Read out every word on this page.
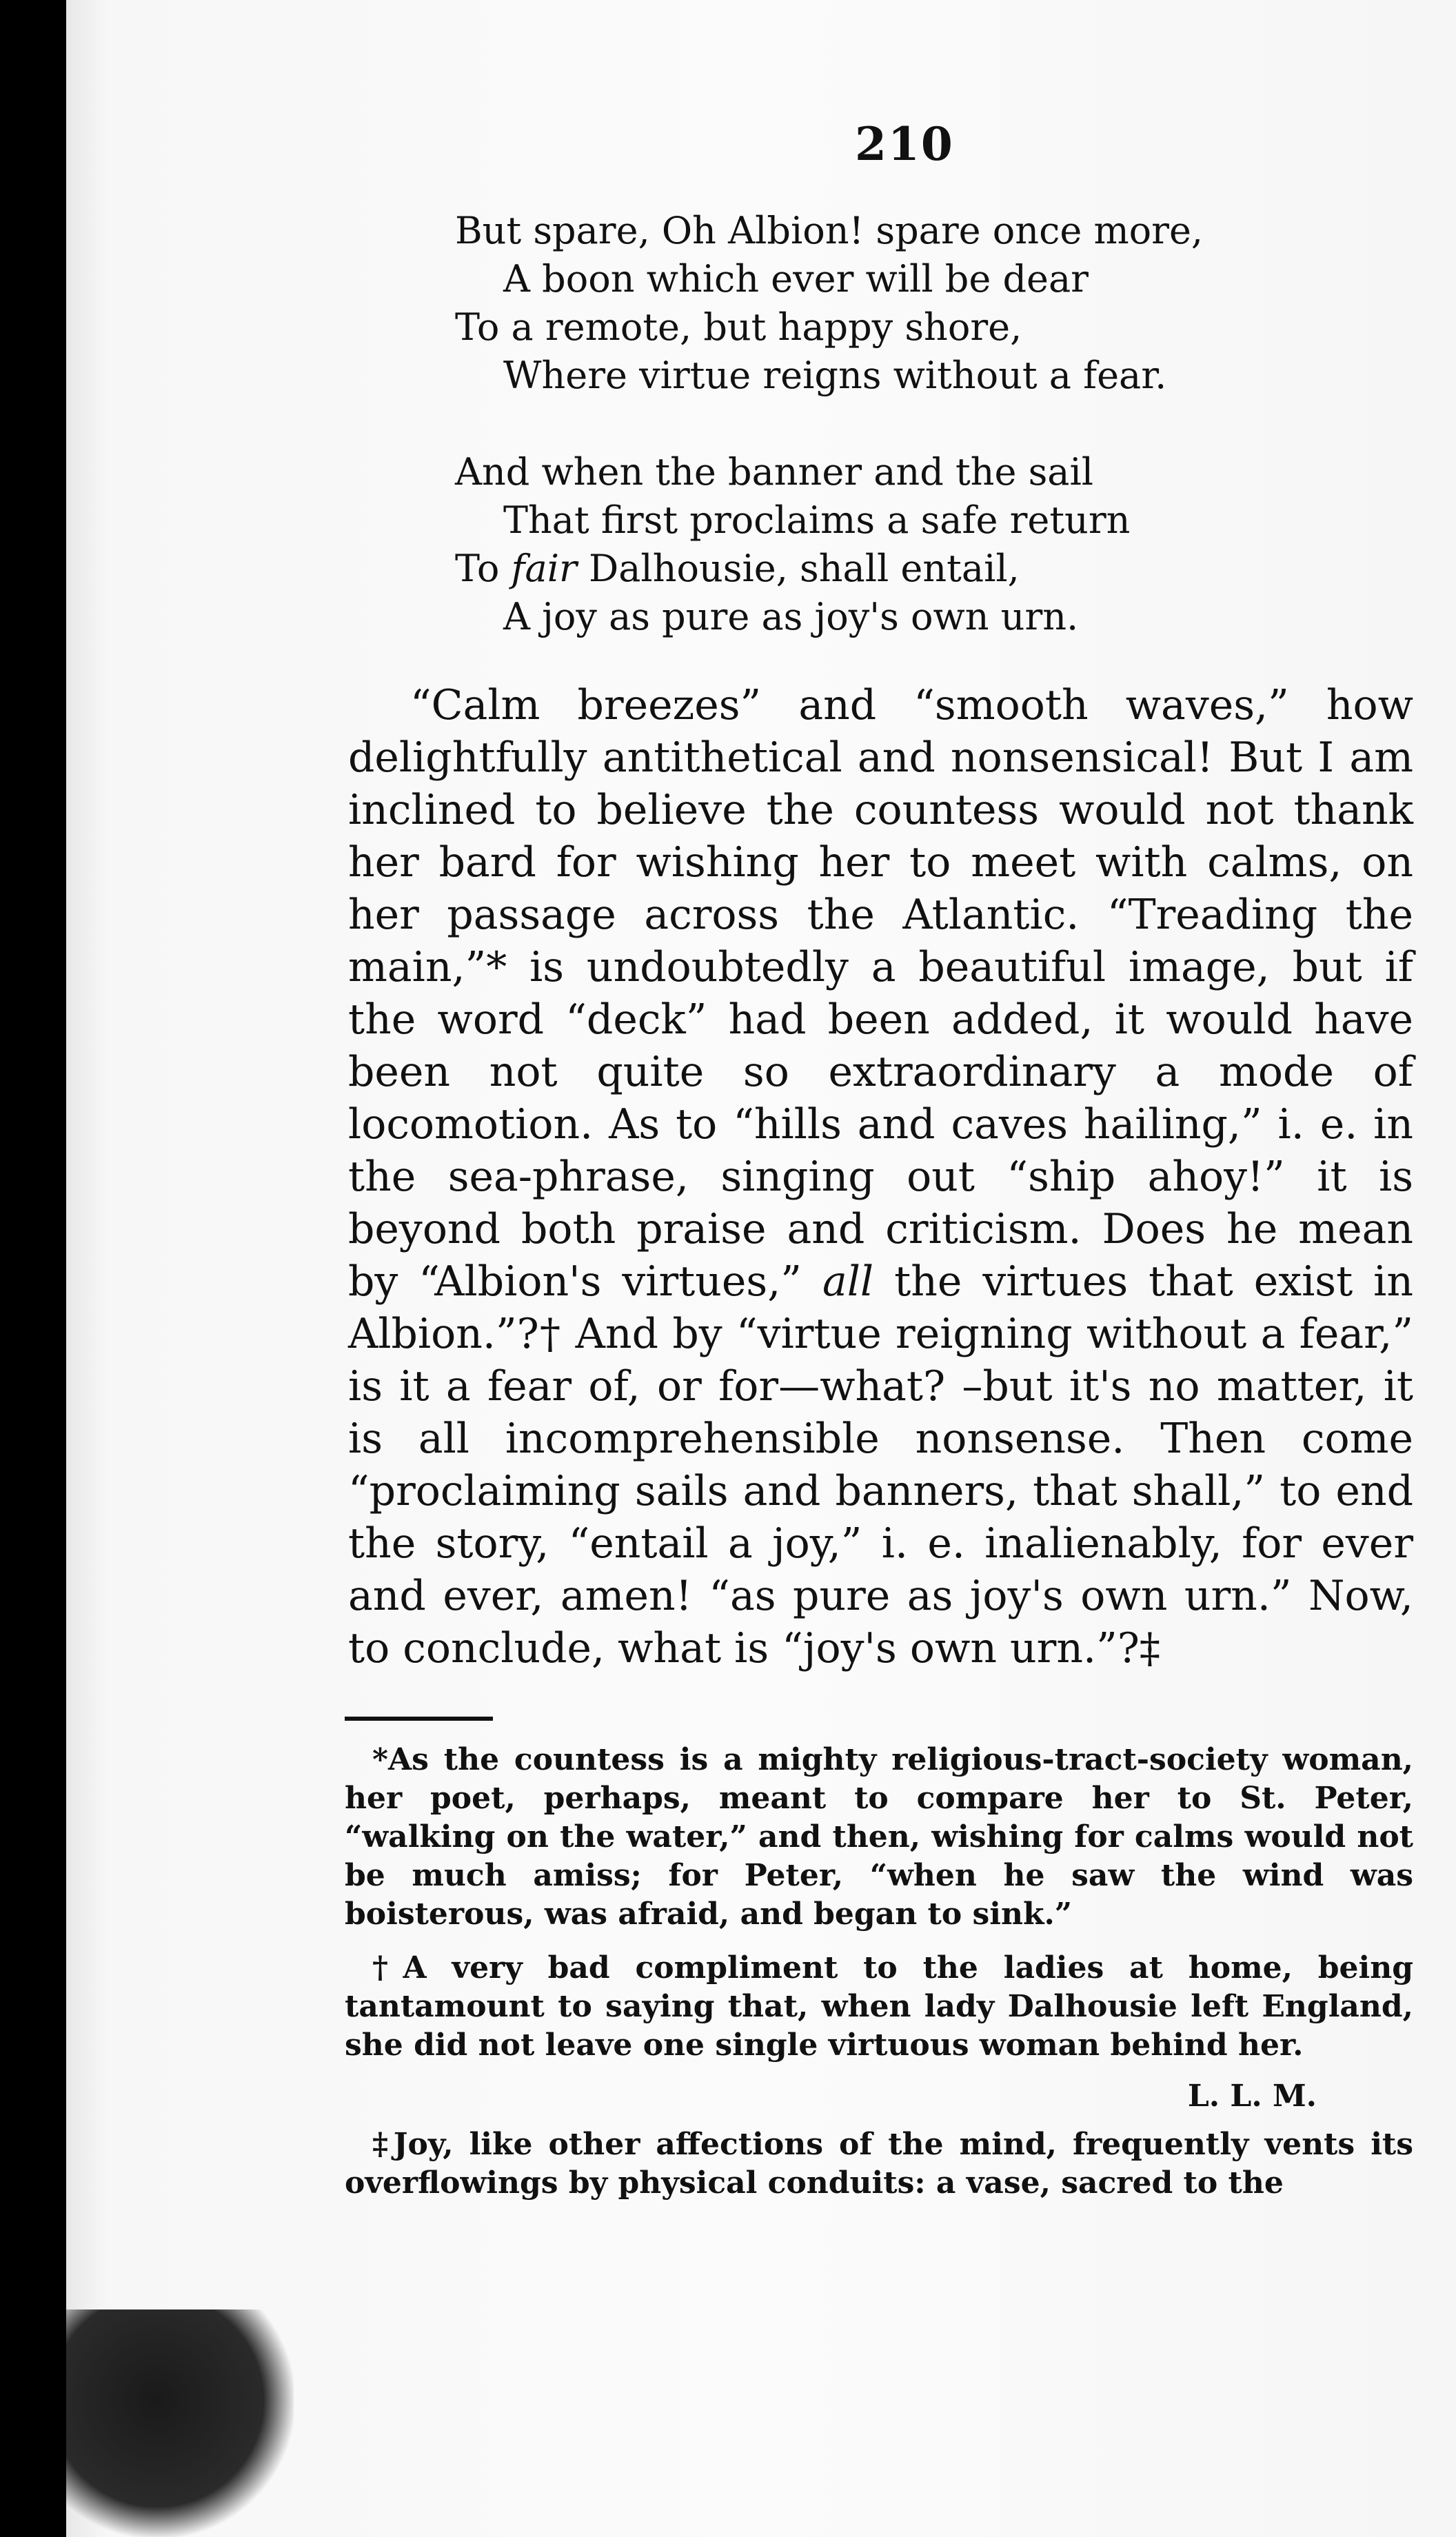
210
But spare, Oh Albion! spare once more,
A boon which ever will be dear
To a remote, but happy shore,
Where virtue reigns without a fear.
And when the banner and the sail
That first proclaims a safe return
To fair Dalhousie, shall entail,
A joy as pure as joy's own urn.

“Calm breezes” and “smooth waves,” how delightfully antithetical and nonsensical! But I am inclined to believe the countess would not thank her bard for wishing her to meet with calms, on her passage across the Atlantic. “Treading the main,”* is undoubtedly a beautiful image, but if the word “deck” had been added, it would have been not quite so extraordinary a mode of locomotion. As to “hills and caves hailing,” i. e. in the sea-phrase, singing out “ship ahoy!” it is beyond both praise and criticism. Does he mean by “Albion's virtues,” all the virtues that exist in Albion.”?† And by “virtue reigning without a fear,” is it a fear of, or for—what? –but it's no matter, it is all incomprehensible nonsense. Then come “proclaiming sails and banners, that shall,” to end the story, “entail a joy,” i. e. inalienably, for ever and ever, amen! “as pure as joy's own urn.” Now, to conclude, what is “joy's own urn.”?‡

*As the countess is a mighty religious-tract-society woman, her poet, perhaps, meant to compare her to St. Peter, “walking on the water,” and then, wishing for calms would not be much amiss; for Peter, “when he saw the wind was boisterous, was afraid, and began to sink.”

†A very bad compliment to the ladies at home, being tantamount to saying that, when lady Dalhousie left England, she did not leave one single virtuous woman behind her.

L. L. M.

‡Joy, like other affections of the mind, frequently vents its overflowings by physical conduits: a vase, sacred to the
